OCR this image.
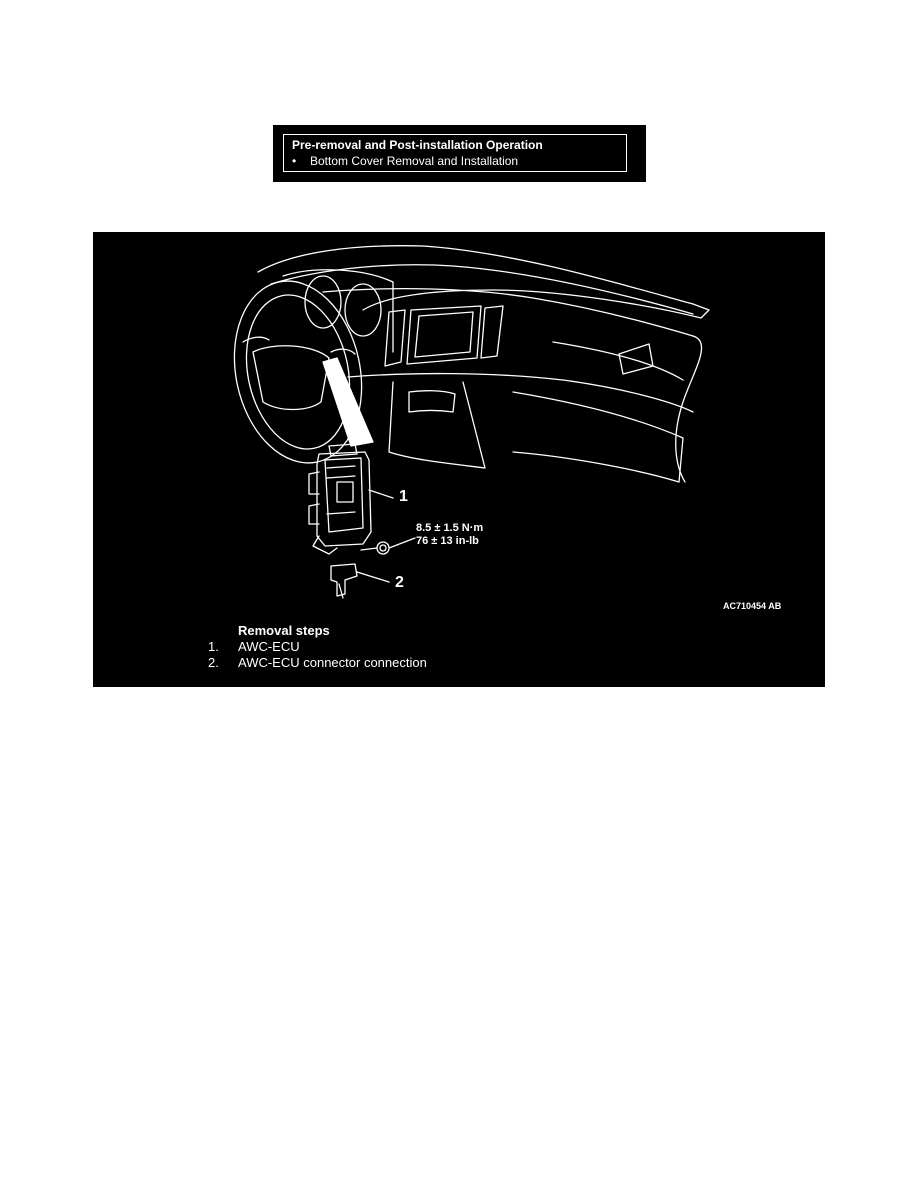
Pre-removal and Post-installation Operation
• Bottom Cover Removal and Installation
1
2
8.5 ± 1.5 N·m
76 ± 13 in-lb
AC710454 AB
Removal steps
1.	AWC-ECU
2.	AWC-ECU connector connection
